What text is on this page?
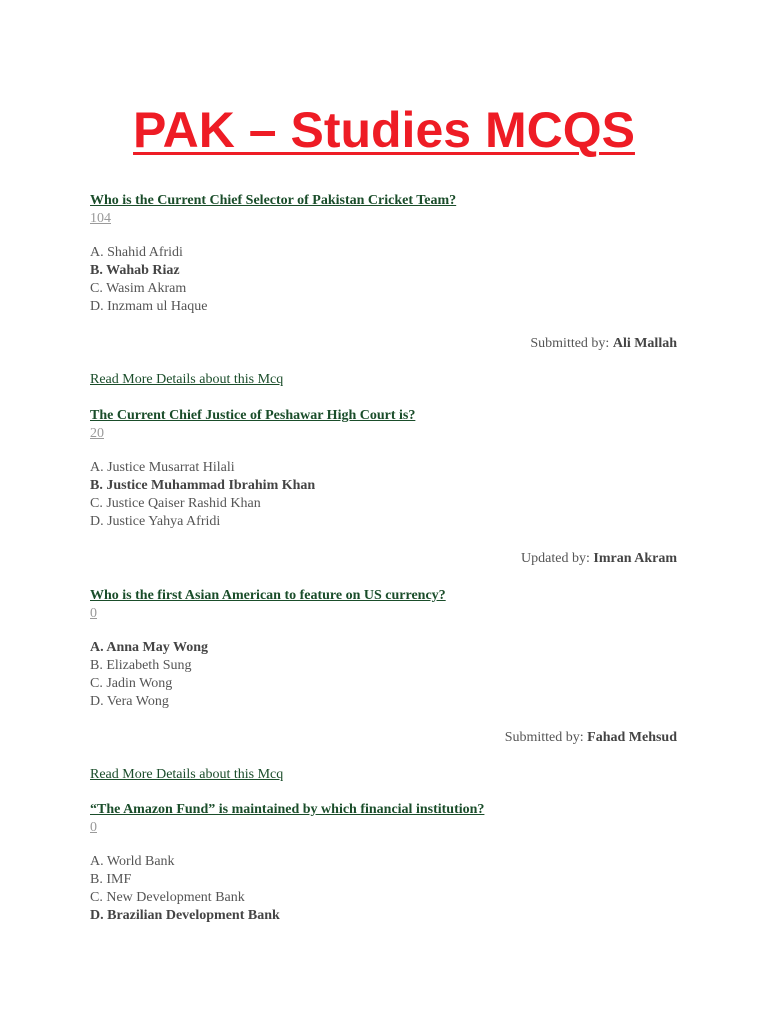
PAK – Studies MCQS
Who is the Current Chief Selector of Pakistan Cricket Team?
104
A. Shahid Afridi
B. Wahab Riaz
C. Wasim Akram
D. Inzmam ul Haque
Submitted by: Ali Mallah
Read More Details about this Mcq
The Current Chief Justice of Peshawar High Court is?
20
A. Justice Musarrat Hilali
B. Justice Muhammad Ibrahim Khan
C. Justice Qaiser Rashid Khan
D. Justice Yahya Afridi
Updated by: Imran Akram
Who is the first Asian American to feature on US currency?
0
A. Anna May Wong
B. Elizabeth Sung
C. Jadin Wong
D. Vera Wong
Submitted by: Fahad Mehsud
Read More Details about this Mcq
“The Amazon Fund” is maintained by which financial institution?
0
A. World Bank
B. IMF
C. New Development Bank
D. Brazilian Development Bank
